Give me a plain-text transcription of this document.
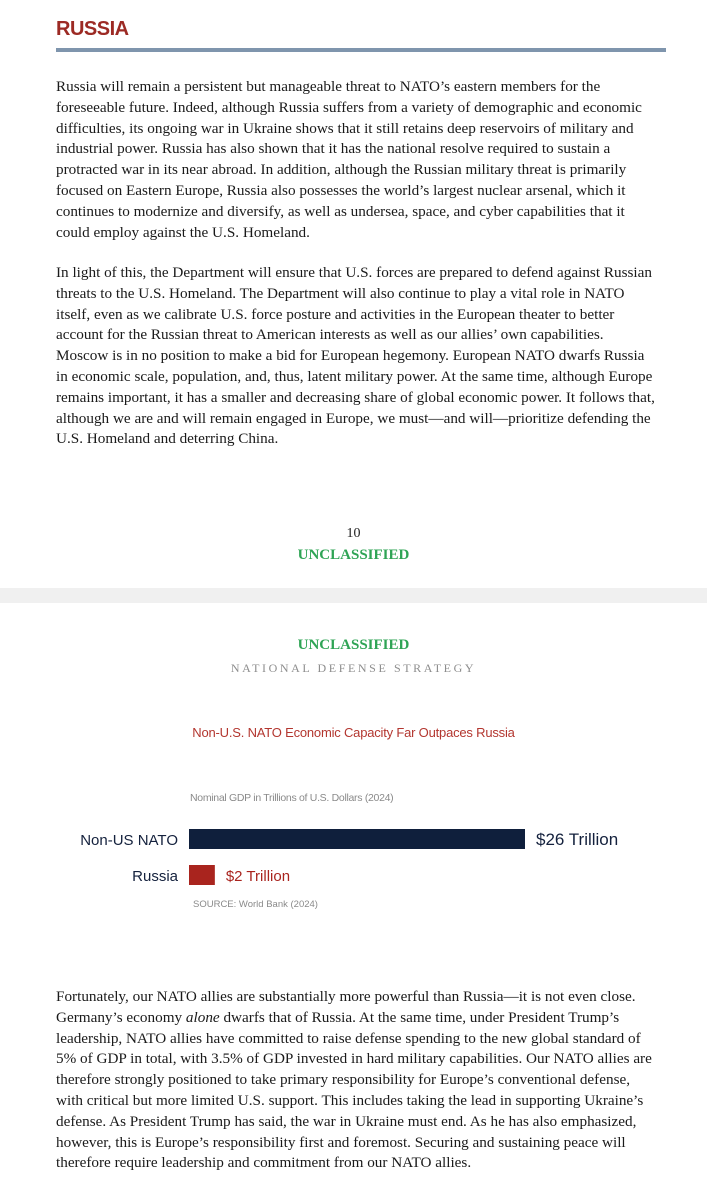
RUSSIA

Russia will remain a persistent but manageable threat to NATO’s eastern members for the foreseeable future. Indeed, although Russia suffers from a variety of demographic and economic difficulties, its ongoing war in Ukraine shows that it still retains deep reservoirs of military and industrial power. Russia has also shown that it has the national resolve required to sustain a protracted war in its near abroad. In addition, although the Russian military threat is primarily focused on Eastern Europe, Russia also possesses the world’s largest nuclear arsenal, which it continues to modernize and diversify, as well as undersea, space, and cyber capabilities that it could employ against the U.S. Homeland.

In light of this, the Department will ensure that U.S. forces are prepared to defend against Russian threats to the U.S. Homeland. The Department will also continue to play a vital role in NATO itself, even as we calibrate U.S. force posture and activities in the European theater to better account for the Russian threat to American interests as well as our allies’ own capabilities. Moscow is in no position to make a bid for European hegemony. European NATO dwarfs Russia in economic scale, population, and, thus, latent military power. At the same time, although Europe remains important, it has a smaller and decreasing share of global economic power. It follows that, although we are and will remain engaged in Europe, we must—and will—prioritize defending the U.S. Homeland and deterring China.

10
UNCLASSIFIED
UNCLASSIFIED
NATIONAL DEFENSE STRATEGY
Non-U.S. NATO Economic Capacity Far Outpaces Russia
Nominal GDP in Trillions of U.S. Dollars (2024)
Non-US NATO	$26 Trillion
Russia	$2 Trillion
SOURCE: World Bank (2024)

Fortunately, our NATO allies are substantially more powerful than Russia—it is not even close. Germany’s economy alone dwarfs that of Russia. At the same time, under President Trump’s leadership, NATO allies have committed to raise defense spending to the new global standard of 5% of GDP in total, with 3.5% of GDP invested in hard military capabilities. Our NATO allies are therefore strongly positioned to take primary responsibility for Europe’s conventional defense, with critical but more limited U.S. support. This includes taking the lead in supporting Ukraine’s defense. As President Trump has said, the war in Ukraine must end. As he has also emphasized, however, this is Europe’s responsibility first and foremost. Securing and sustaining peace will therefore require leadership and commitment from our NATO allies.
